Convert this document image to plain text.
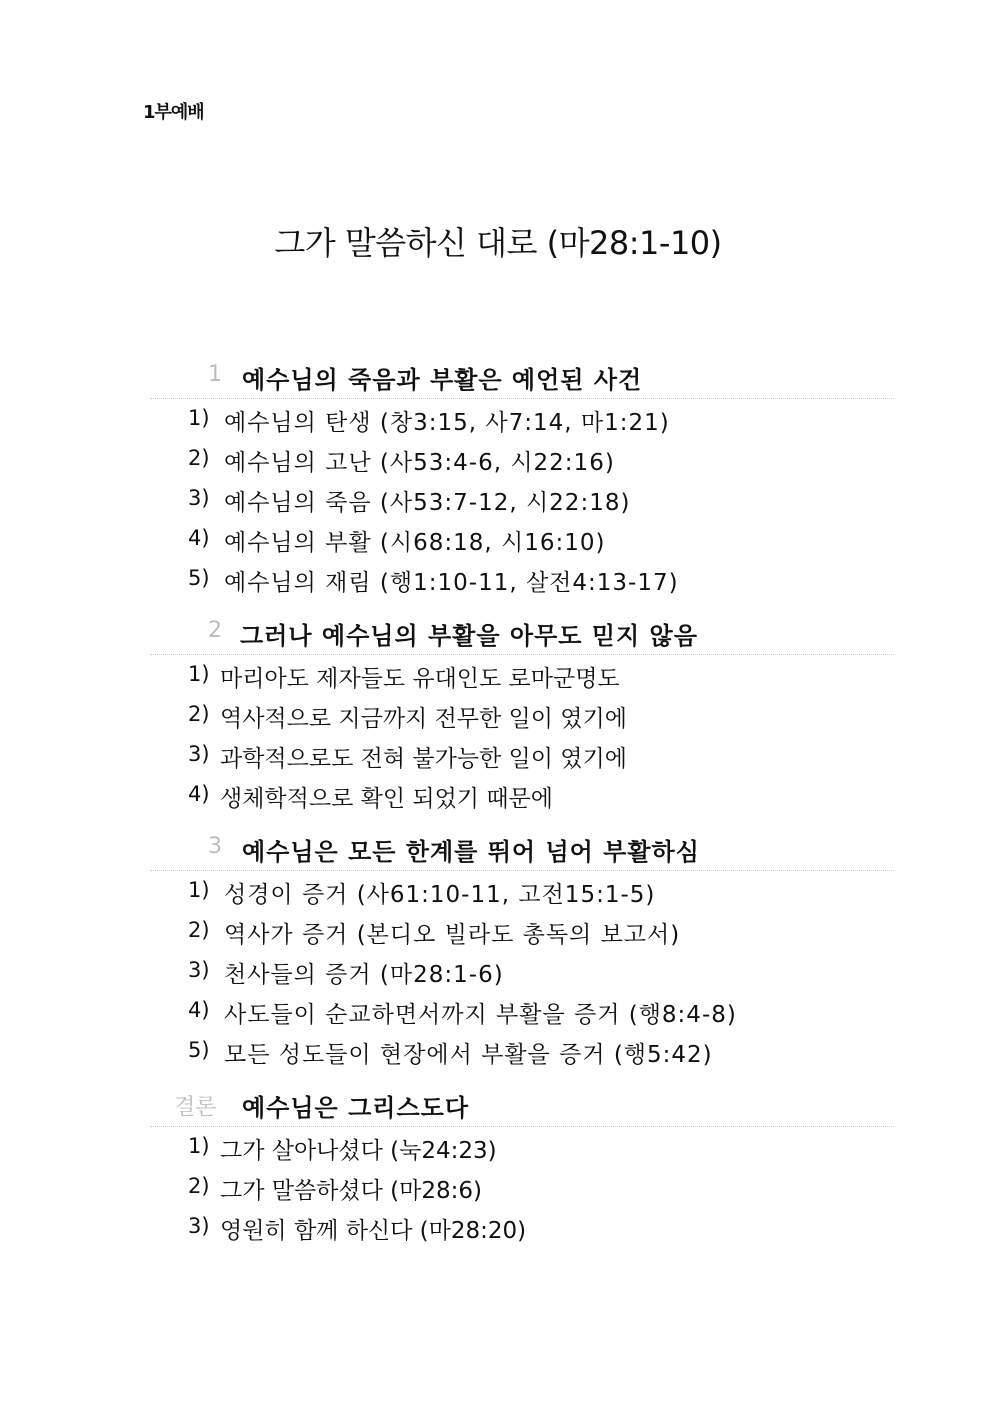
1부예배
그가 말씀하신 대로 (마28:1-10)
1 예수님의 죽음과 부활은 예언된 사건
1) 예수님의 탄생 (창3:15, 사7:14, 마1:21)
2) 예수님의 고난 (사53:4-6, 시22:16)
3) 예수님의 죽음 (사53:7-12, 시22:18)
4) 예수님의 부활 (시68:18, 시16:10)
5) 예수님의 재림 (행1:10-11, 살전4:13-17)
2 그러나 예수님의 부활을 아무도 믿지 않음
1) 마리아도 제자들도 유대인도 로마군명도
2) 역사적으로 지금까지 전무한 일이 였기에
3) 과학적으로도 전혀 불가능한 일이 였기에
4) 생체학적으로 확인 되었기 때문에
3 예수님은 모든 한계를 뛰어 넘어 부활하심
1) 성경이 증거 (사61:10-11, 고전15:1-5)
2) 역사가 증거 (본디오 빌라도 총독의 보고서)
3) 천사들의 증거 (마28:1-6)
4) 사도들이 순교하면서까지 부활을 증거 (행8:4-8)
5) 모든 성도들이 현장에서 부활을 증거 (행5:42)
결론 예수님은 그리스도다
1) 그가 살아나셨다 (눅24:23)
2) 그가 말씀하셨다 (마28:6)
3) 영원히 함께 하신다 (마28:20)
